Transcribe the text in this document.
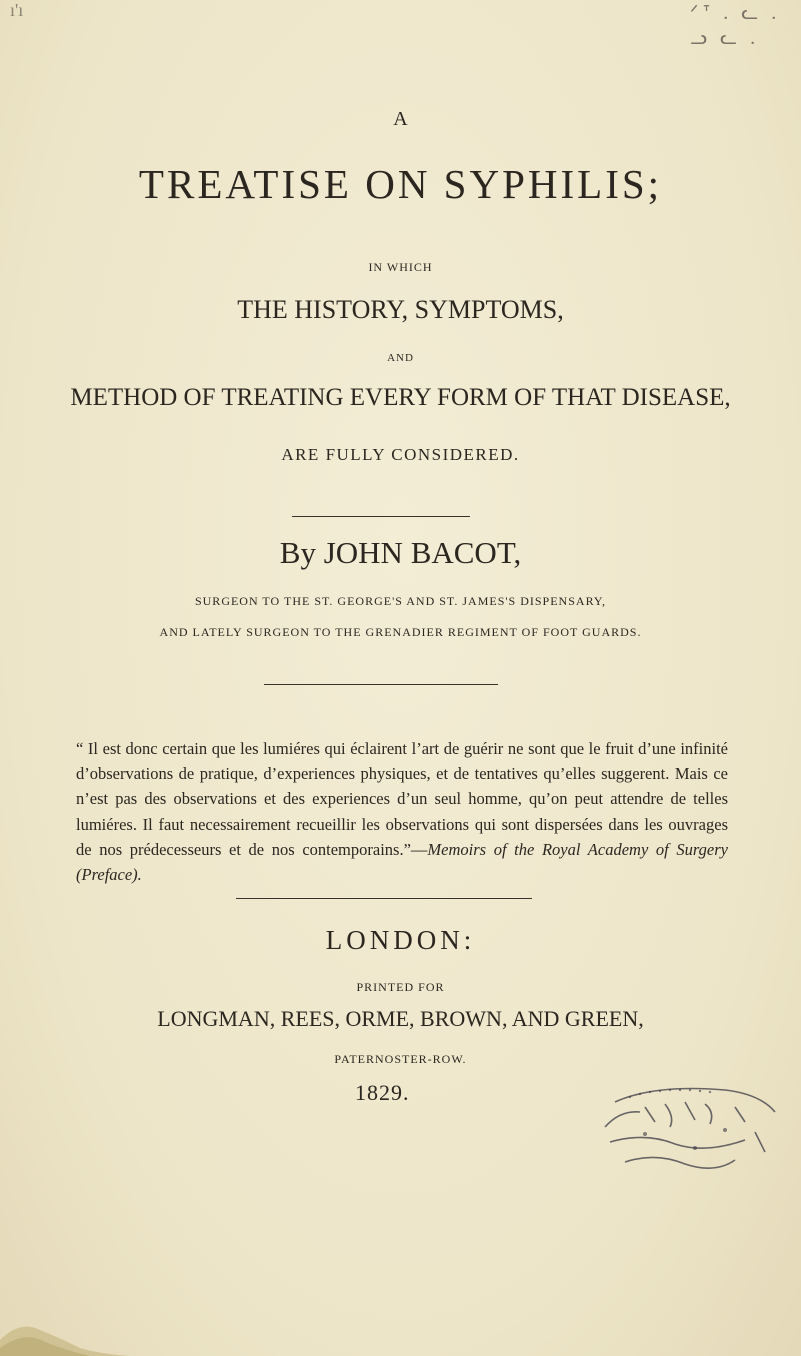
ᐟᐪ . ᓚ . ᓗ ᓚ .
ı'ı
A
TREATISE ON SYPHILIS;
IN WHICH
THE HISTORY, SYMPTOMS,
AND
METHOD OF TREATING EVERY FORM OF THAT DISEASE,
ARE FULLY CONSIDERED.
By JOHN BACOT,
SURGEON TO THE ST. GEORGE'S AND ST. JAMES'S DISPENSARY,
AND LATELY SURGEON TO THE GRENADIER REGIMENT OF FOOT GUARDS.

“ Il est donc certain que les lumiéres qui éclairent l’art de guérir ne sont que le fruit d’une infinité d’observations de pratique, d’experiences physiques, et de tentatives qu’elles suggerent. Mais ce n’est pas des observations et des experiences d’un seul homme, qu’on peut attendre de telles lumiéres. Il faut necessairement recueillir les observations qui sont dispersées dans les ouvrages de nos prédecesseurs et de nos contemporains.”—Memoirs of the Royal Academy of Surgery (Preface).

LONDON:
PRINTED FOR
LONGMAN, REES, ORME, BROWN, AND GREEN,
PATERNOSTER-ROW.
1829.
